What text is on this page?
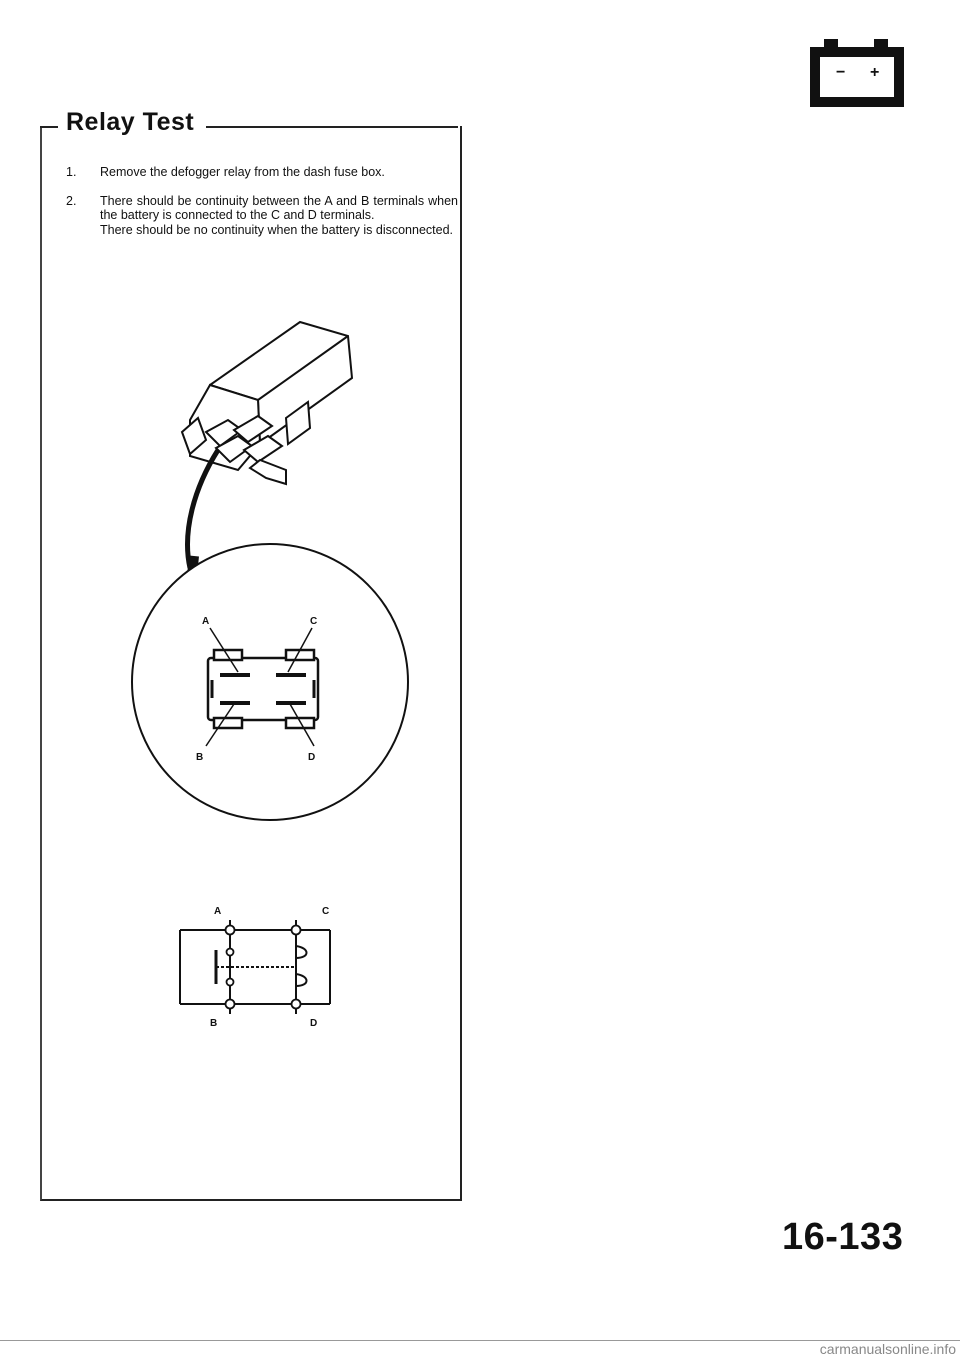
− +
Relay Test
1. Remove the defogger relay from the dash fuse box.
2. There should be continuity between the A and B terminals when the battery is connected to the C and D terminals.
There should be no continuity when the battery is disconnected.
A	C
B	D
A	C
B	D
16-133
carmanualsonline.info
